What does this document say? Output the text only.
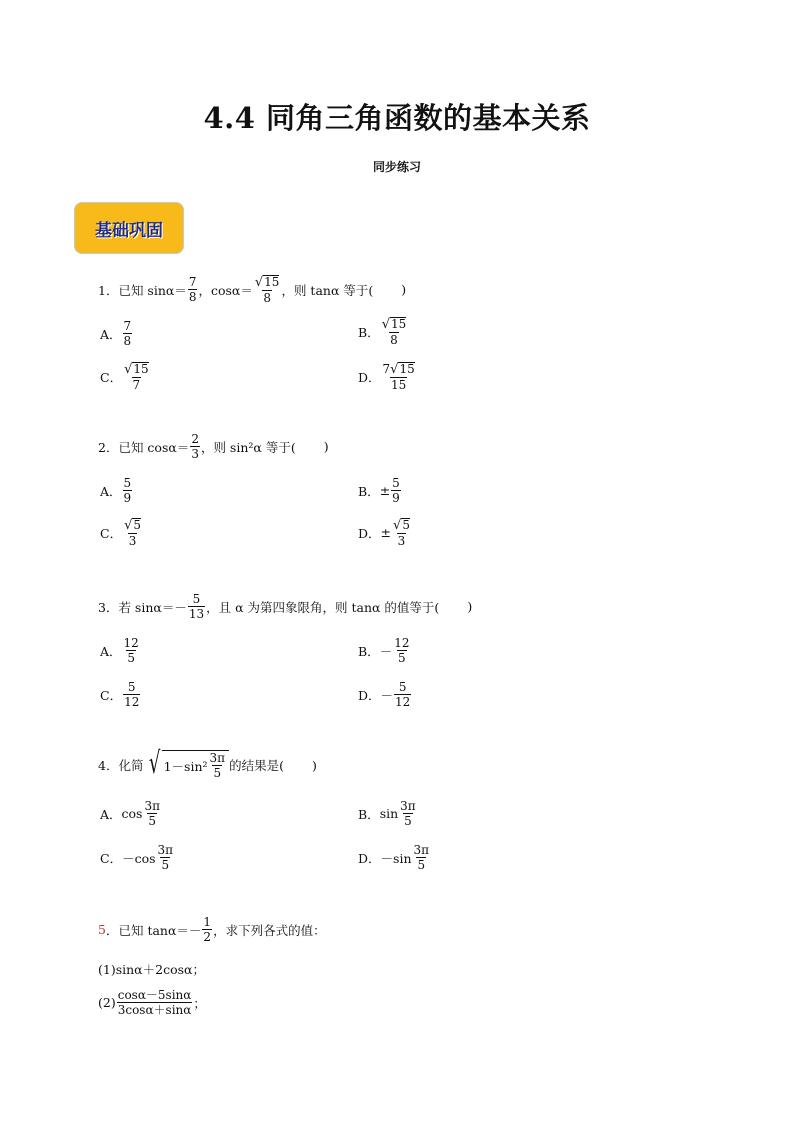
4.4 同角三角函数的基本关系
同步练习
基础巩固
1． 已知 $\sin\alpha= \frac{7}{8}$ ，$\cos\alpha= \frac{√ 15}{8}$ ，则 tanα 等于( )
A． $\frac{7}{8}$	B． $\frac{√ 15}{8}$
C． $\frac{√ 15}{7}$	D． $\frac{7 √ 15}{15}$
2． 已知 $\cos\alpha= \frac{2}{3}$ ，则 sin²α 等于( )
A． $\frac{5}{9}$	B． ± $\frac{5}{9}$
C． $\frac{√ 5}{3}$	D． ± $\frac{√ 5}{3}$
3． 若 $\sin\alpha=- \frac{5}{13}$ ，且 α 为第四象限角，则 tanα 的值等于( )
A． $\frac{12}{5}$	B． － $\frac{12}{5}$
C． $\frac{5}{12}$	D． － $\frac{5}{12}$
4． 化简 √ $1-\sin^2 \frac{3\pi}{5}$ 的结果是( )
A． $\cos \frac{3\pi}{5}$	B． $\sin \frac{3\pi}{5}$
C． $-\cos \frac{3\pi}{5}$	D． $-\sin \frac{3\pi}{5}$
5 ． 已知 $\tan\alpha=- \frac{1}{2}$ ，求下列各式的值：
(1)sinα＋2cosα；
$(2) \frac{\cos\alpha-5\sin\alpha}{3\cos\alpha+\sin\alpha}$ ；
